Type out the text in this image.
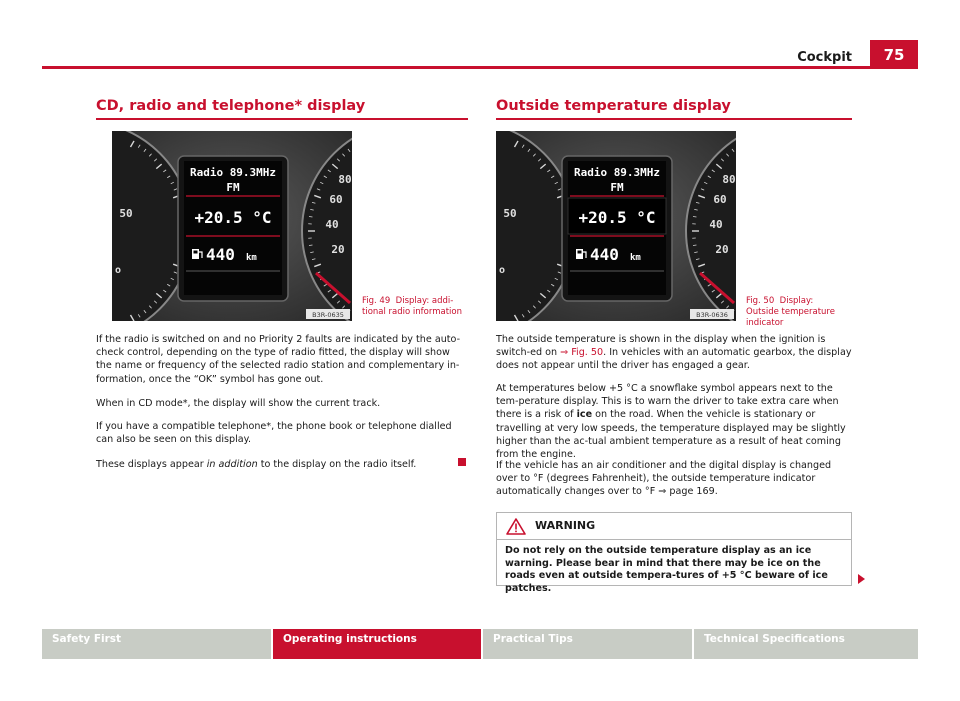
Cockpit	75
CD, radio and telephone* display
50
o
80
60
40
20
Radio 89.3MHz
FM
+20.5 °C
440 km
B3R-0635
Fig. 49 Display: addi-tional radio information
If the radio is switched on and no Priority 2 faults are indicated by the auto-check control, depending on the type of radio fitted, the display will show the name or frequency of the selected radio station and complementary in-formation, once the “OK” symbol has gone out.
When in CD mode*, the display will show the current track.
If you have a compatible telephone*, the phone book or telephone dialled can also be seen on this display.
These displays appear in addition to the display on the radio itself.
Outside temperature display
50
o
80
60
40
20
Radio 89.3MHz
FM
+20.5 °C
440 km
B3R-0636
Fig. 50 Display: Outside temperature indicator
The outside temperature is shown in the display when the ignition is switch-ed on ⇒ Fig. 50. In vehicles with an automatic gearbox, the display does not appear until the driver has engaged a gear.
At temperatures below +5 °C a snowflake symbol appears next to the tem-perature display. This is to warn the driver to take extra care when there is a risk of ice on the road. When the vehicle is stationary or travelling at very low speeds, the temperature displayed may be slightly higher than the ac-tual ambient temperature as a result of heat coming from the engine.
If the vehicle has an air conditioner and the digital display is changed over to °F (degrees Fahrenheit), the outside temperature indicator automatically changes over to °F ⇒ page 169.
WARNING
Do not rely on the outside temperature display as an ice warning. Please bear in mind that there may be ice on the roads even at outside tempera-tures of +5 °C beware of ice patches.
Safety First	Operating instructions	Practical Tips	Technical Specifications
